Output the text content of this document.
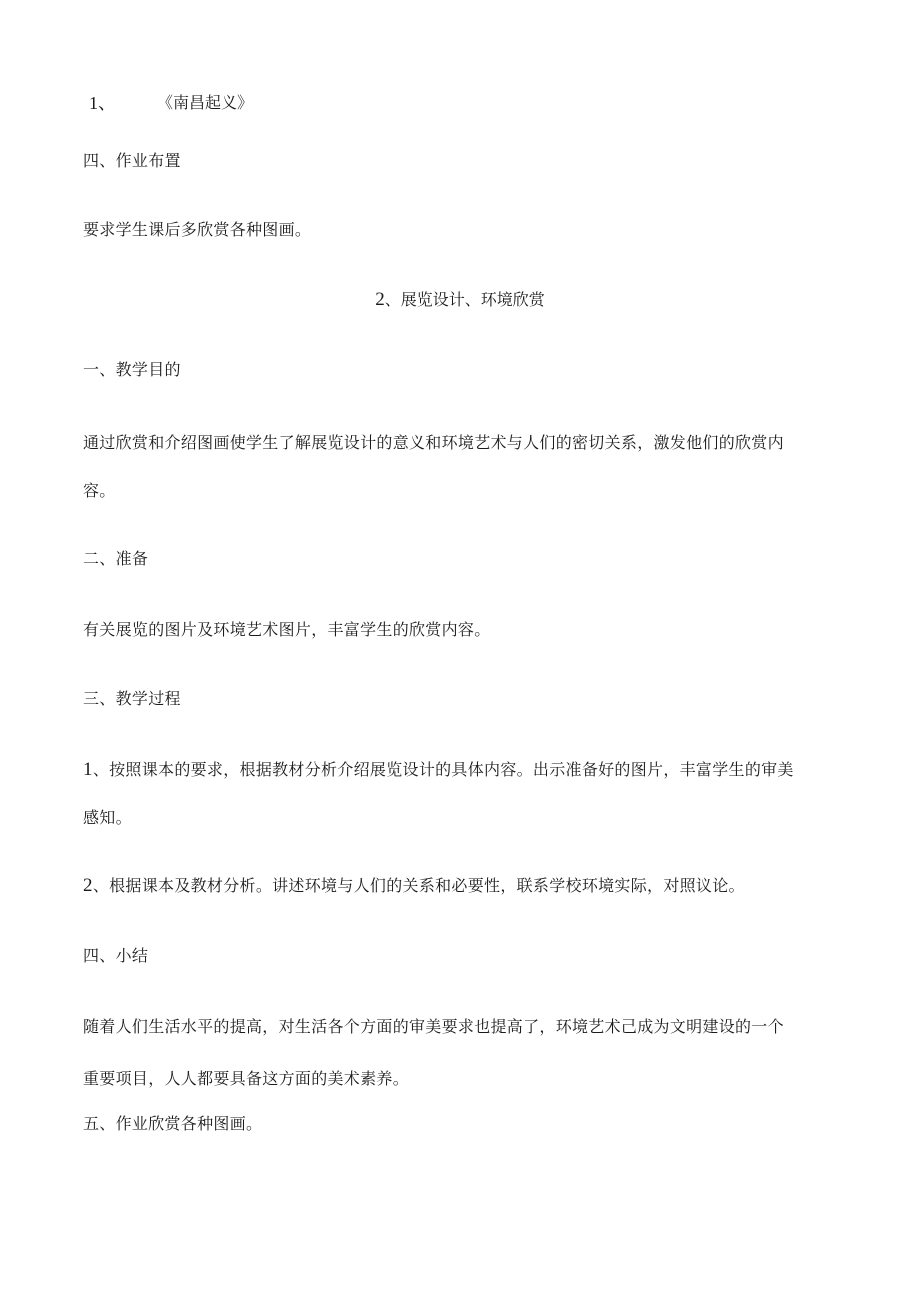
1、	《南昌起义》
四、作业布置
要求学生课后多欣赏各种图画。
2、展览设计、环境欣赏
一、教学目的
通过欣赏和介绍图画使学生了解展览设计的意义和环境艺术与人们的密切关系，激发他们的欣赏内
容。
二、准备
有关展览的图片及环境艺术图片，丰富学生的欣赏内容。
三、教学过程
1、按照课本的要求，根据教材分析介绍展览设计的具体内容。出示准备好的图片，丰富学生的审美
感知。
2、根据课本及教材分析。讲述环境与人们的关系和必要性，联系学校环境实际，对照议论。
四、小结
随着人们生活水平的提高，对生活各个方面的审美要求也提高了，环境艺术己成为文明建设的一个
重要项目，人人都要具备这方面的美术素养。
五、作业欣赏各种图画。
